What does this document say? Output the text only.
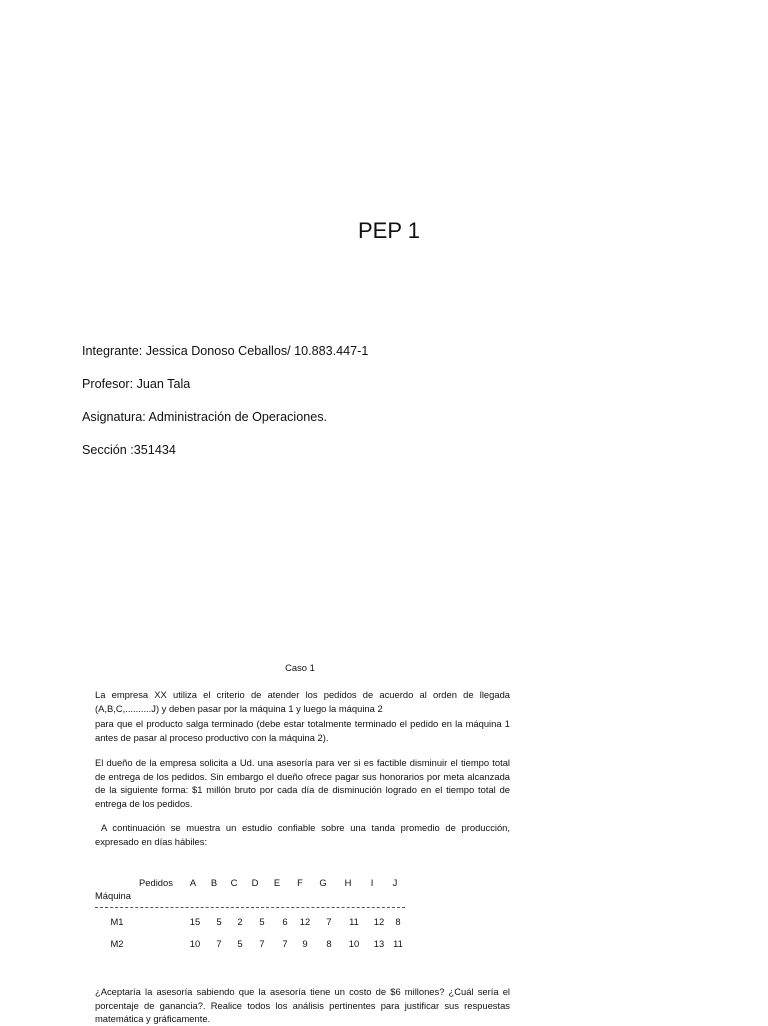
PEP 1
Integrante: Jessica Donoso Ceballos/ 10.883.447-1
Profesor: Juan Tala
Asignatura: Administración de Operaciones.
Sección :351434
Caso 1
La empresa XX utiliza el criterio de atender los pedidos de acuerdo al orden de llegada (A,B,C,..........J) y deben pasar por la máquina 1 y luego la máquina 2
para que el producto salga terminado (debe estar totalmente terminado el pedido en la máquina 1 antes de pasar al proceso productivo con la máquina 2).
El dueño de la empresa solicita a Ud. una asesoría para ver si es factible disminuir el tiempo total de entrega de los pedidos. Sin embargo el dueño ofrece pagar sus honorarios por meta alcanzada de la siguiente forma: $1 millón bruto por cada día de disminución logrado en el tiempo total de entrega de los pedidos.
A continuación se muestra un estudio confiable sobre una tanda promedio de producción, expresado en días hábiles:
Pedidos
Máquina
A	B	C	D	E	F	G	H	I	J
M1	15	5	2	5	6	12	7	11	12	8
M2	10	7	5	7	7	9	8	10	13 11
¿Aceptaría la asesoría sabiendo que la asesoría tiene un costo de $6 millones? ¿Cuál sería el porcentaje de ganancia?. Realice todos los análisis pertinentes para justificar sus respuestas matemática y gráficamente.
